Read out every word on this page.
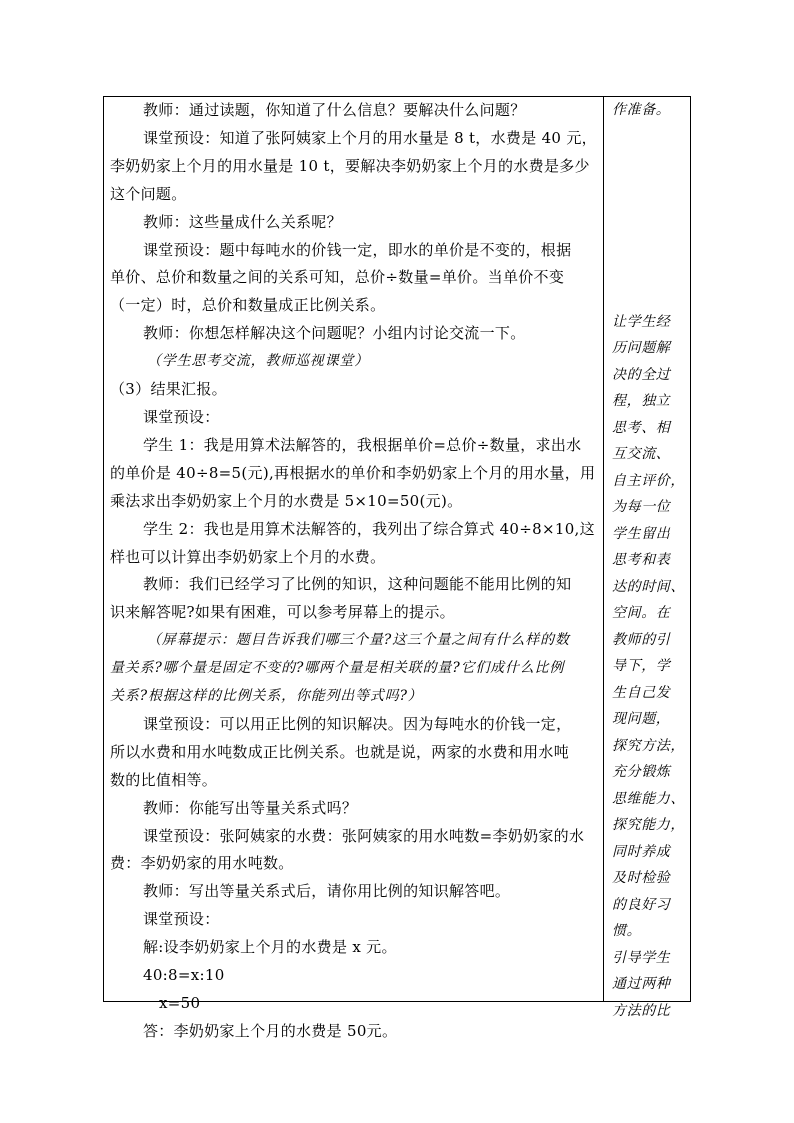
教师：通过读题，你知道了什么信息？要解决什么问题？

课堂预设：知道了张阿姨家上个月的用水量是 8 t，水费是 40 元，

李奶奶家上个月的用水量是 10 t，要解决李奶奶家上个月的水费是多少

这个问题。

教师：这些量成什么关系呢？

课堂预设：题中每吨水的价钱一定，即水的单价是不变的，根据

单价、总价和数量之间的关系可知，总价÷数量=单价。当单价不变

（一定）时，总价和数量成正比例关系。

教师：你想怎样解决这个问题呢？小组内讨论交流一下。

（学生思考交流，教师巡视课堂）

（3）结果汇报。

课堂预设：

学生 1：我是用算术法解答的，我根据单价=总价÷数量，求出水

的单价是 40÷8=5(元),再根据水的单价和李奶奶家上个月的用水量，用

乘法求出李奶奶家上个月的水费是 5×10=50(元)。

学生 2：我也是用算术法解答的，我列出了综合算式 40÷8×10,这

样也可以计算出李奶奶家上个月的水费。

教师：我们已经学习了比例的知识，这种问题能不能用比例的知

识来解答呢?如果有困难，可以参考屏幕上的提示。

（屏幕提示：题目告诉我们哪三个量?这三个量之间有什么样的数

量关系?哪个量是固定不变的?哪两个量是相关联的量?它们成什么比例

关系?根据这样的比例关系，你能列出等式吗?）

课堂预设：可以用正比例的知识解决。因为每吨水的价钱一定，

所以水费和用水吨数成正比例关系。也就是说，两家的水费和用水吨

数的比值相等。

教师：你能写出等量关系式吗？

课堂预设：张阿姨家的水费：张阿姨家的用水吨数=李奶奶家的水

费：李奶奶家的用水吨数。

教师：写出等量关系式后，请你用比例的知识解答吧。

课堂预设：

解:设李奶奶家上个月的水费是 x 元。

40:8=x:10

x=50

答：李奶奶家上个月的水费是 50元。

作准备。

让学生经

历问题解

决的全过

程，独立

思考、相

互交流、

自主评价，

为每一位

学生留出

思考和表

达的时间、

空间。在

教师的引

导下，学

生自己发

现问题，

探究方法，

充分锻炼

思维能力、

探究能力，

同时养成

及时检验

的良好习

惯。

引导学生

通过两种

方法的比
